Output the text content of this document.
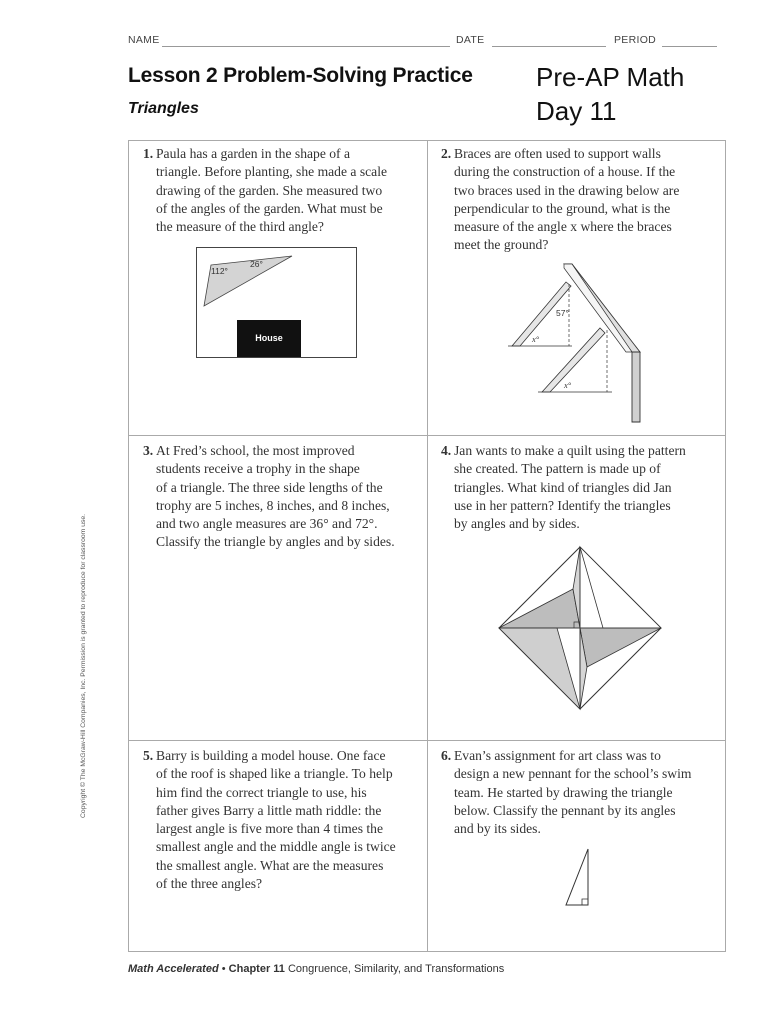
NAME	DATE	PERIOD
Lesson 2 Problem-Solving Practice
Triangles
Pre-AP Math
Day 11
1. Paula has a garden in the shape of a
triangle. Before planting, she made a scale
drawing of the garden. She measured two
of the angles of the garden. What must be
the measure of the third angle?
2. Braces are often used to support walls
during the construction of a house. If the
two braces used in the drawing below are
perpendicular to the ground, what is the
measure of the angle x where the braces
meet the ground?
3. At Fred’s school, the most improved
students receive a trophy in the shape
of a triangle. The three side lengths of the
trophy are 5 inches, 8 inches, and 8 inches,
and two angle measures are 36° and 72°.
Classify the triangle by angles and by sides.
4. Jan wants to make a quilt using the pattern
she created. The pattern is made up of
triangles. What kind of triangles did Jan
use in her pattern? Identify the triangles
by angles and by sides.
5. Barry is building a model house. One face
of the roof is shaped like a triangle. To help
him find the correct triangle to use, his
father gives Barry a little math riddle: the
largest angle is five more than 4 times the
smallest angle and the middle angle is twice
the smallest angle. What are the measures
of the three angles?
6. Evan’s assignment for art class was to
design a new pennant for the school’s swim
team. He started by drawing the triangle
below. Classify the pennant by its angles
and by its sides.
112°
26°
House
57°
x°
x°
Copyright © The McGraw-Hill Companies, Inc. Permission is granted to reproduce for classroom use.
Math Accelerated • Chapter 11 Congruence, Similarity, and Transformations
